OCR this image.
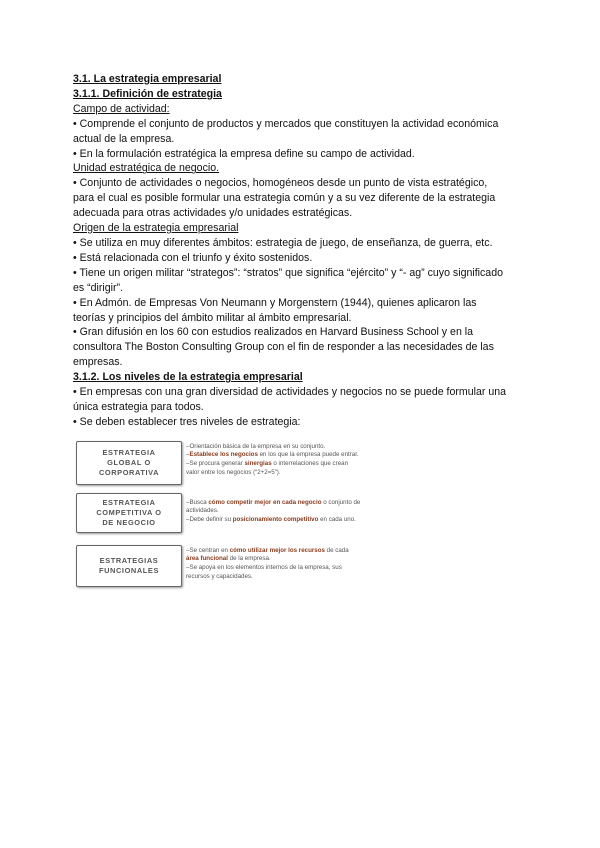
3.1. La estrategia empresarial
3.1.1. Definición de estrategia
Campo de actividad:
• Comprende el conjunto de productos y mercados que constituyen la actividad económica
actual de la empresa.
• En la formulación estratégica la empresa define su campo de actividad.
Unidad estratégica de negocio.
• Conjunto de actividades o negocios, homogéneos desde un punto de vista estratégico,
para el cual es posible formular una estrategia común y a su vez diferente de la estrategia
adecuada para otras actividades y/o unidades estratégicas.
Origen de la estrategia empresarial
• Se utiliza en muy diferentes ámbitos: estrategia de juego, de enseñanza, de guerra, etc.
• Está relacionada con el triunfo y éxito sostenidos.
• Tiene un origen militar “strategos”: “stratos” que significa “ejército” y “- ag” cuyo significado
es “dirigir”.
• En Admón. de Empresas Von Neumann y Morgenstern (1944), quienes aplicaron las
teorías y principios del ámbito militar al ámbito empresarial.
• Gran difusión en los 60 con estudios realizados en Harvard Business School y en la
consultora The Boston Consulting Group con el fin de responder a las necesidades de las
empresas.
3.1.2. Los niveles de la estrategia empresarial
• En empresas con una gran diversidad de actividades y negocios no se puede formular una
única estrategia para todos.
• Se deben establecer tres niveles de estrategia:
ESTRATEGIA
GLOBAL O
CORPORATIVA
–Orientación básica de la empresa en su conjunto.
–Establece los negocios en los que la empresa puede entrar.
–Se procura generar sinergias o interrelaciones que crean
valor entre los negocios (“2+2=5”).
ESTRATEGIA
COMPETITIVA O
DE NEGOCIO
–Busca cómo competir mejor en cada negocio o conjunto de
actividades.
–Debe definir su posicionamiento competitivo en cada uno.
ESTRATEGIAS
FUNCIONALES
–Se centran en cómo utilizar mejor los recursos de cada
área funcional de la empresa.
–Se apoya en los elementos internos de la empresa, sus
recursos y capacidades.
